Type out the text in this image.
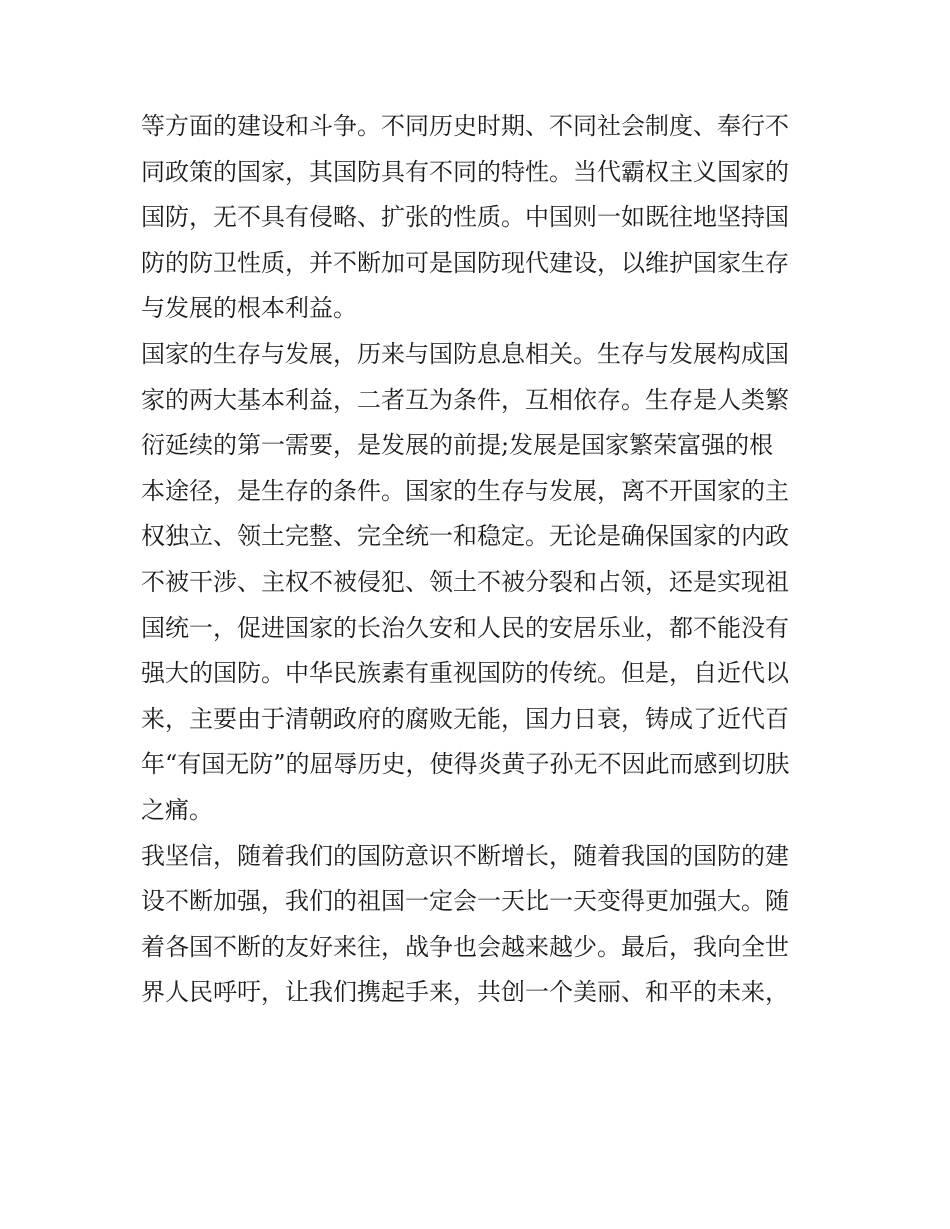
等方面的建设和斗争。不同历史时期、不同社会制度、奉行不
同政策的国家，其国防具有不同的特性。当代霸权主义国家的
国防，无不具有侵略、扩张的性质。中国则一如既往地坚持国
防的防卫性质，并不断加可是国防现代建设，以维护国家生存
与发展的根本利益。
国家的生存与发展，历来与国防息息相关。生存与发展构成国
家的两大基本利益，二者互为条件，互相依存。生存是人类繁
衍延续的第一需要，是发展的前提;发展是国家繁荣富强的根
本途径，是生存的条件。国家的生存与发展，离不开国家的主
权独立、领土完整、完全统一和稳定。无论是确保国家的内政
不被干涉、主权不被侵犯、领土不被分裂和占领，还是实现祖
国统一，促进国家的长治久安和人民的安居乐业，都不能没有
强大的国防。中华民族素有重视国防的传统。但是，自近代以
来，主要由于清朝政府的腐败无能，国力日衰，铸成了近代百
年“有国无防”的屈辱历史，使得炎黄子孙无不因此而感到切肤
之痛。
我坚信，随着我们的国防意识不断增长，随着我国的国防的建
设不断加强，我们的祖国一定会一天比一天变得更加强大。随
着各国不断的友好来往，战争也会越来越少。最后，我向全世
界人民呼吁，让我们携起手来，共创一个美丽、和平的未来，
